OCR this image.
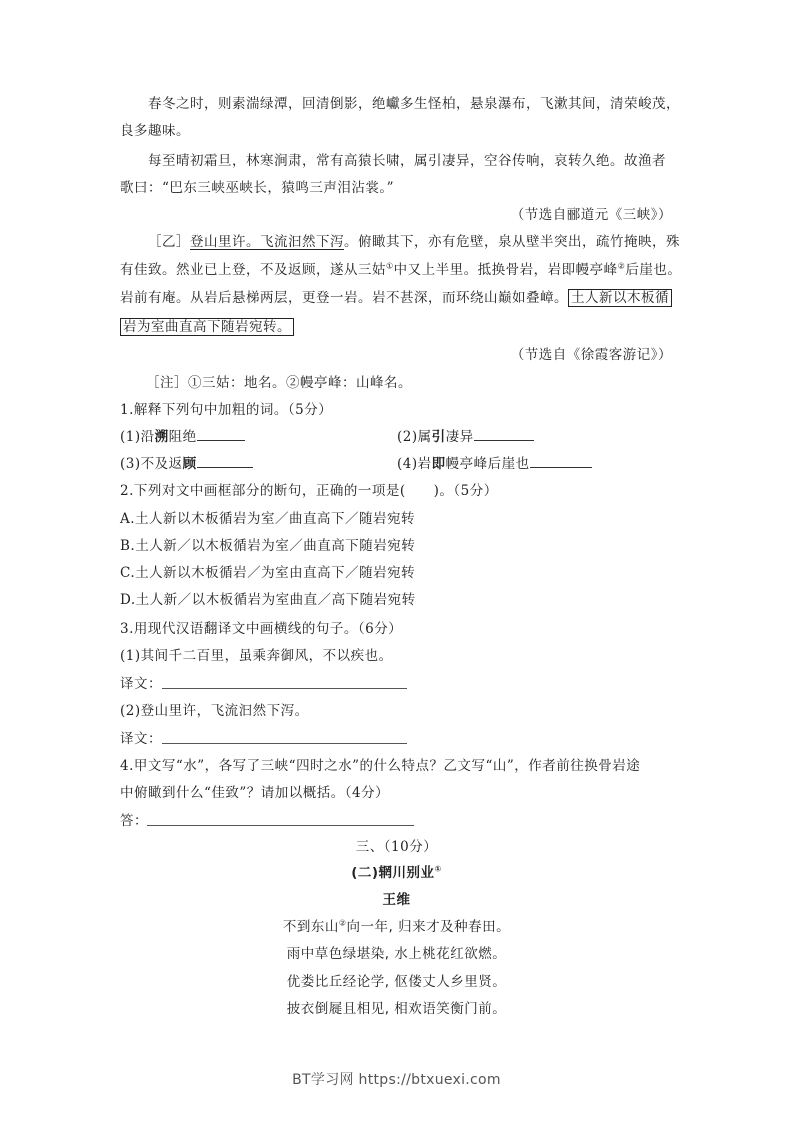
春冬之时，则素湍绿潭，回清倒影，绝巘多生怪柏，悬泉瀑布，飞漱其间，清荣峻茂，
良多趣味。
每至晴初霜旦，林寒涧肃，常有高猿长啸，属引凄异，空谷传响，哀转久绝。故渔者
歌曰：“巴东三峡巫峡长，猿鸣三声泪沾裳。”
（节选自郦道元《三峡》）
［乙］登山里许。飞流汩然下泻。俯瞰其下，亦有危壁，泉从壁半突出，疏竹掩映，殊
有佳致。然业已上登，不及返顾，遂从三姑①中又上半里。抵换骨岩，岩即幔亭峰②后崖也。
岩前有庵。从岩后悬梯两层，更登一岩。岩不甚深，而环绕山巅如叠嶂。 土人新以木板循
岩为室曲直高下随岩宛转。
（节选自《徐霞客游记》）
［注］①三姑：地名。②幔亭峰：山峰名。
1.解释下列句中加粗的词。（5分）
(1)沿溯阻绝	(2)属引凄异
(3)不及返顾	(4)岩即幔亭峰后崖也
2.下列对文中画框部分的断句，正确的一项是(　　)。（5分）
A.土人新以木板循岩为室／曲直高下／随岩宛转
B.土人新／以木板循岩为室／曲直高下随岩宛转
C.土人新以木板循岩／为室由直高下／随岩宛转
D.土人新／以木板循岩为室曲直／高下随岩宛转
3.用现代汉语翻译文中画横线的句子。（6分）
(1)其间千二百里，虽乘奔御风，不以疾也。
译文：
(2)登山里许，飞流汩然下泻。
译文：
4.甲文写“水”，各写了三峡“四时之水”的什么特点？乙文写“山”，作者前往换骨岩途
中俯瞰到什么“佳致”？请加以概括。（4分）
答：
三、（10分）
(二)辋川别业①
王维
不到东山②向一年, 归来才及种春田。
雨中草色绿堪染, 水上桃花红欲燃。
优娄比丘经论学, 伛偻丈人乡里贤。
披衣倒屣且相见, 相欢语笑衡门前。
BT学习网 https://btxuexi.com
